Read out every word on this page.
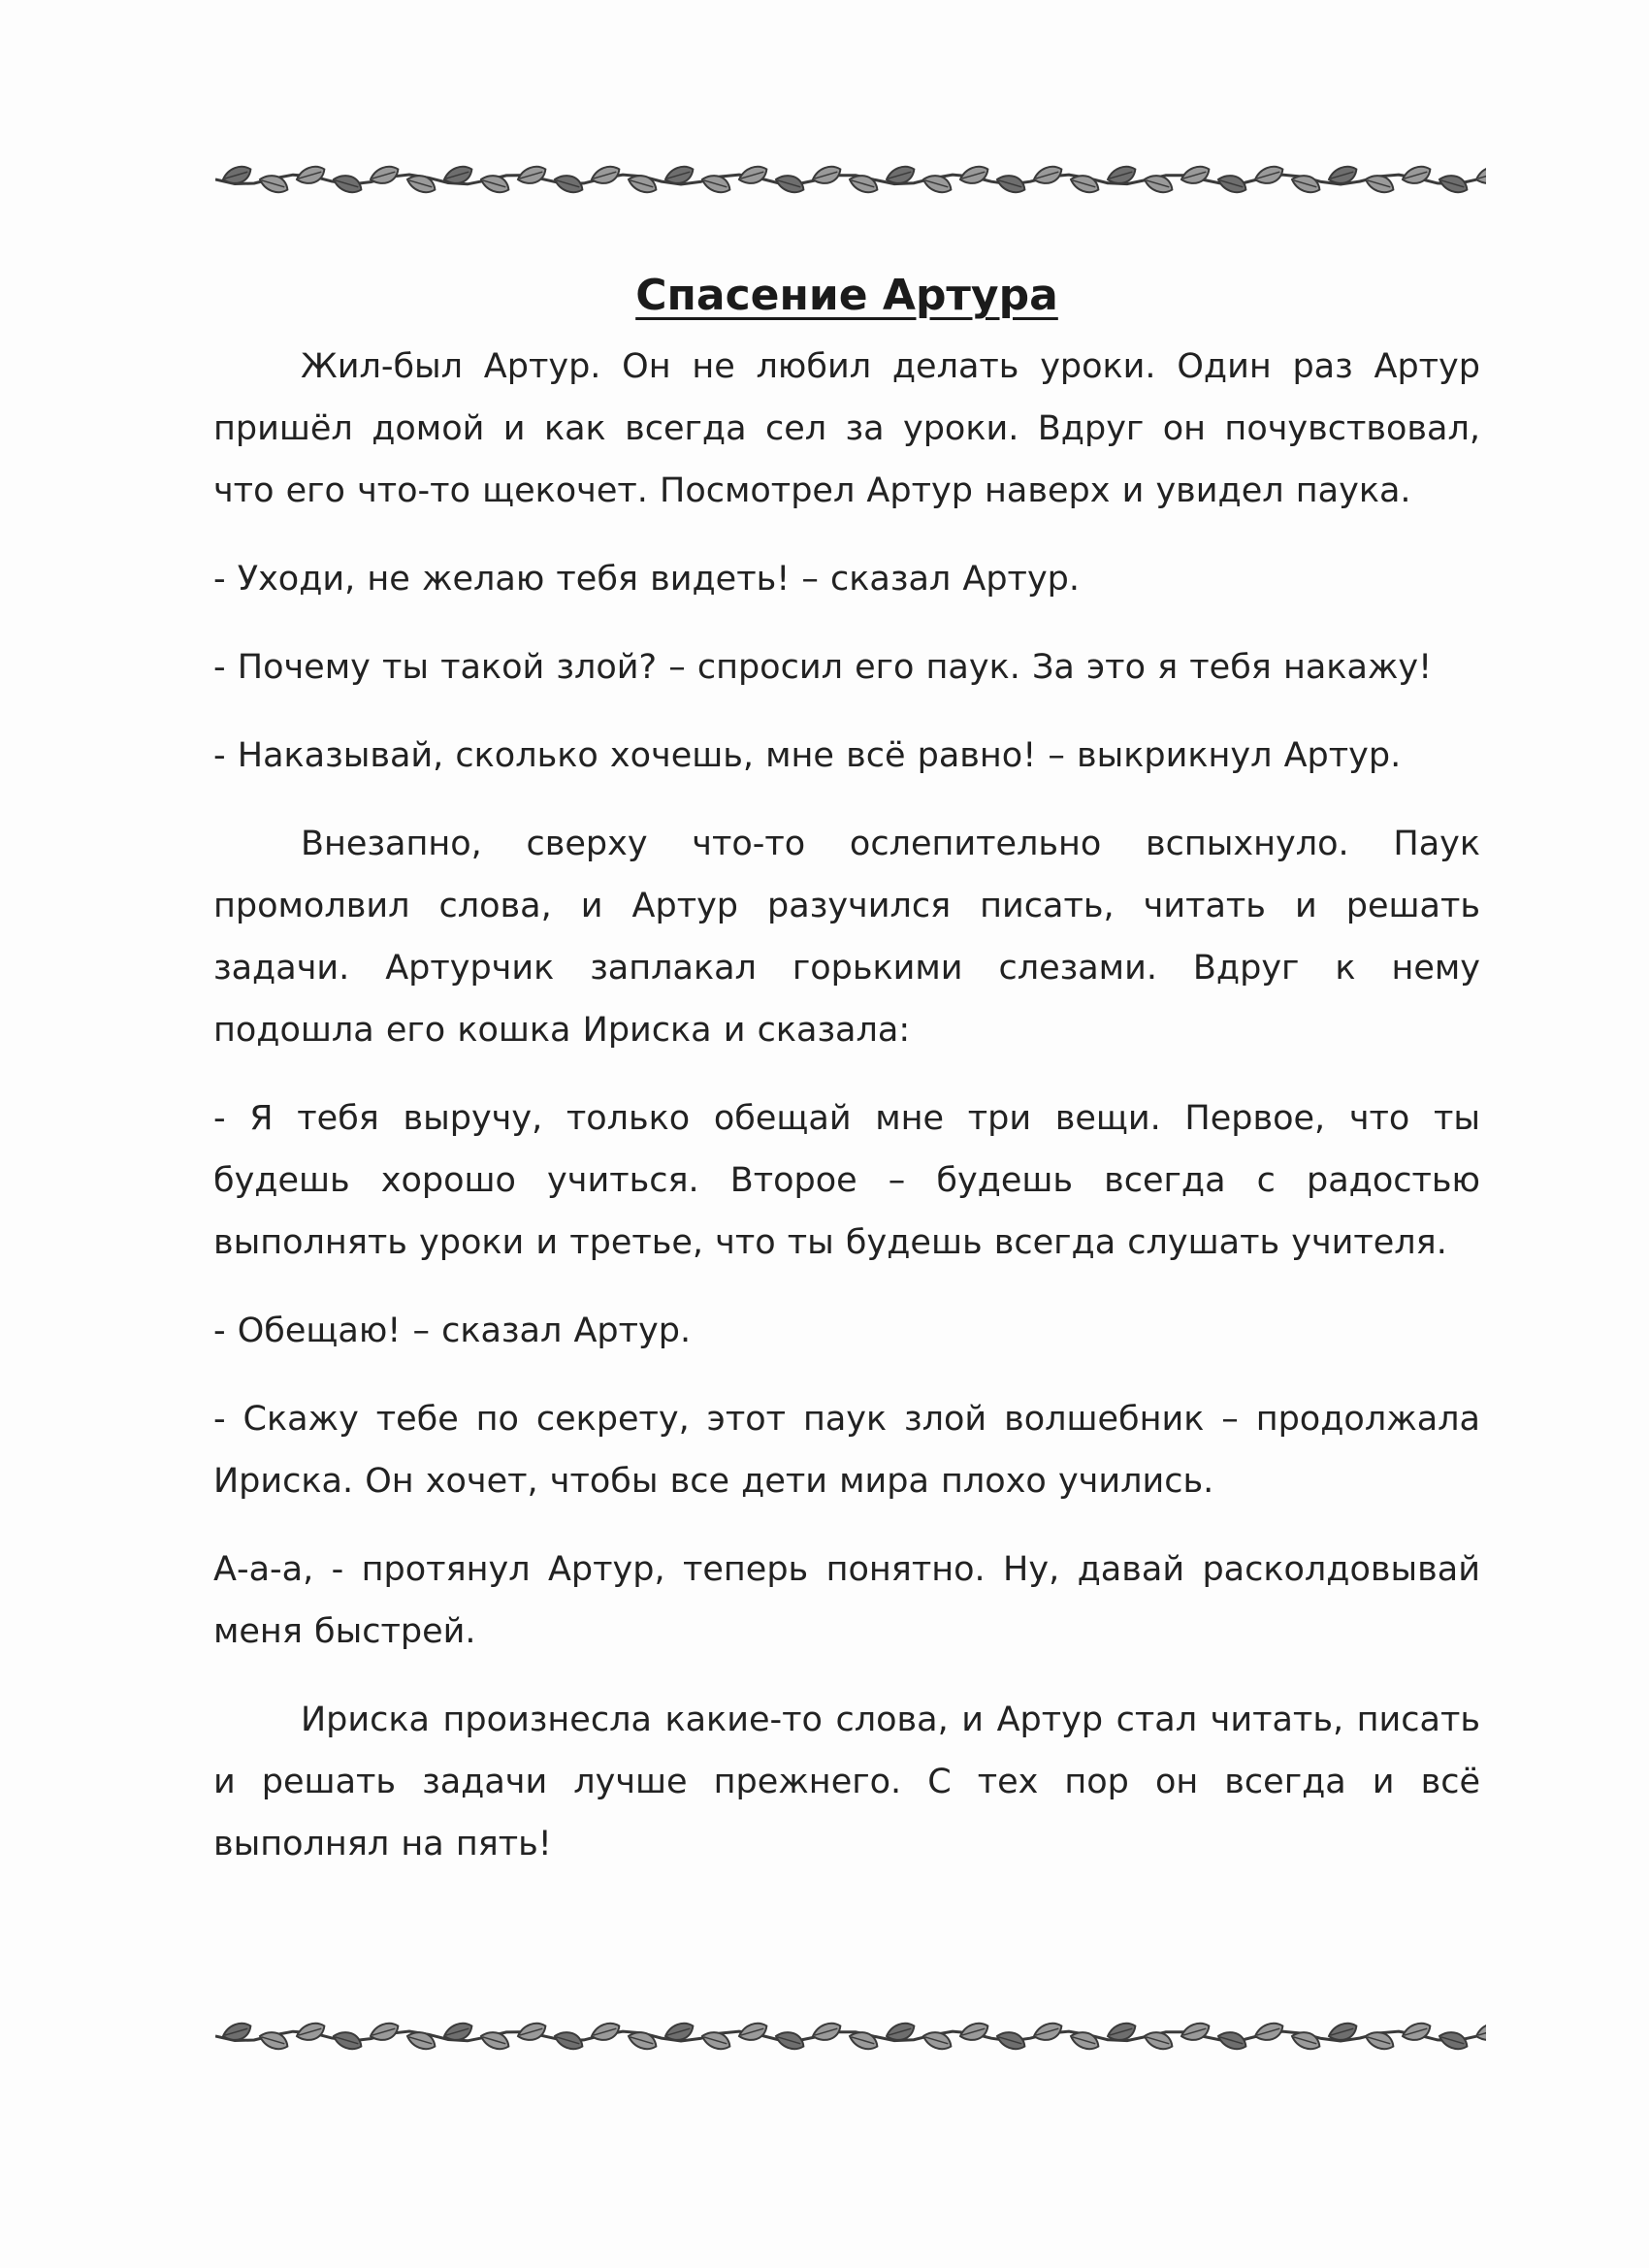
Спасение Артура

Жил-был Артур. Он не любил делать уроки. Один раз Артур пришёл домой и как всегда сел за уроки. Вдруг он почувствовал, что его что-то щекочет. Посмотрел Артур наверх и увидел паука.

- Уходи, не желаю тебя видеть! – сказал Артур.

- Почему ты такой злой? – спросил его паук. За это я тебя накажу!

- Наказывай, сколько хочешь, мне всё равно! – выкрикнул Артур.

Внезапно, сверху что-то ослепительно вспыхнуло. Паук промолвил слова, и Артур разучился писать, читать и решать задачи. Артурчик заплакал горькими слезами. Вдруг к нему подошла его кошка Ириска и сказала:

- Я тебя выручу, только обещай мне три вещи. Первое, что ты будешь хорошо учиться. Второе – будешь всегда с радостью выполнять уроки и третье, что ты будешь всегда слушать учителя.

- Обещаю! – сказал Артур.

- Скажу тебе по секрету, этот паук злой волшебник – продолжала Ириска. Он хочет, чтобы все дети мира плохо учились.

А-а-а, - протянул Артур, теперь понятно. Ну, давай расколдовывай меня быстрей.

Ириска произнесла какие-то слова, и Артур стал читать, писать и решать задачи лучше прежнего. С тех пор он всегда и всё выполнял на пять!
